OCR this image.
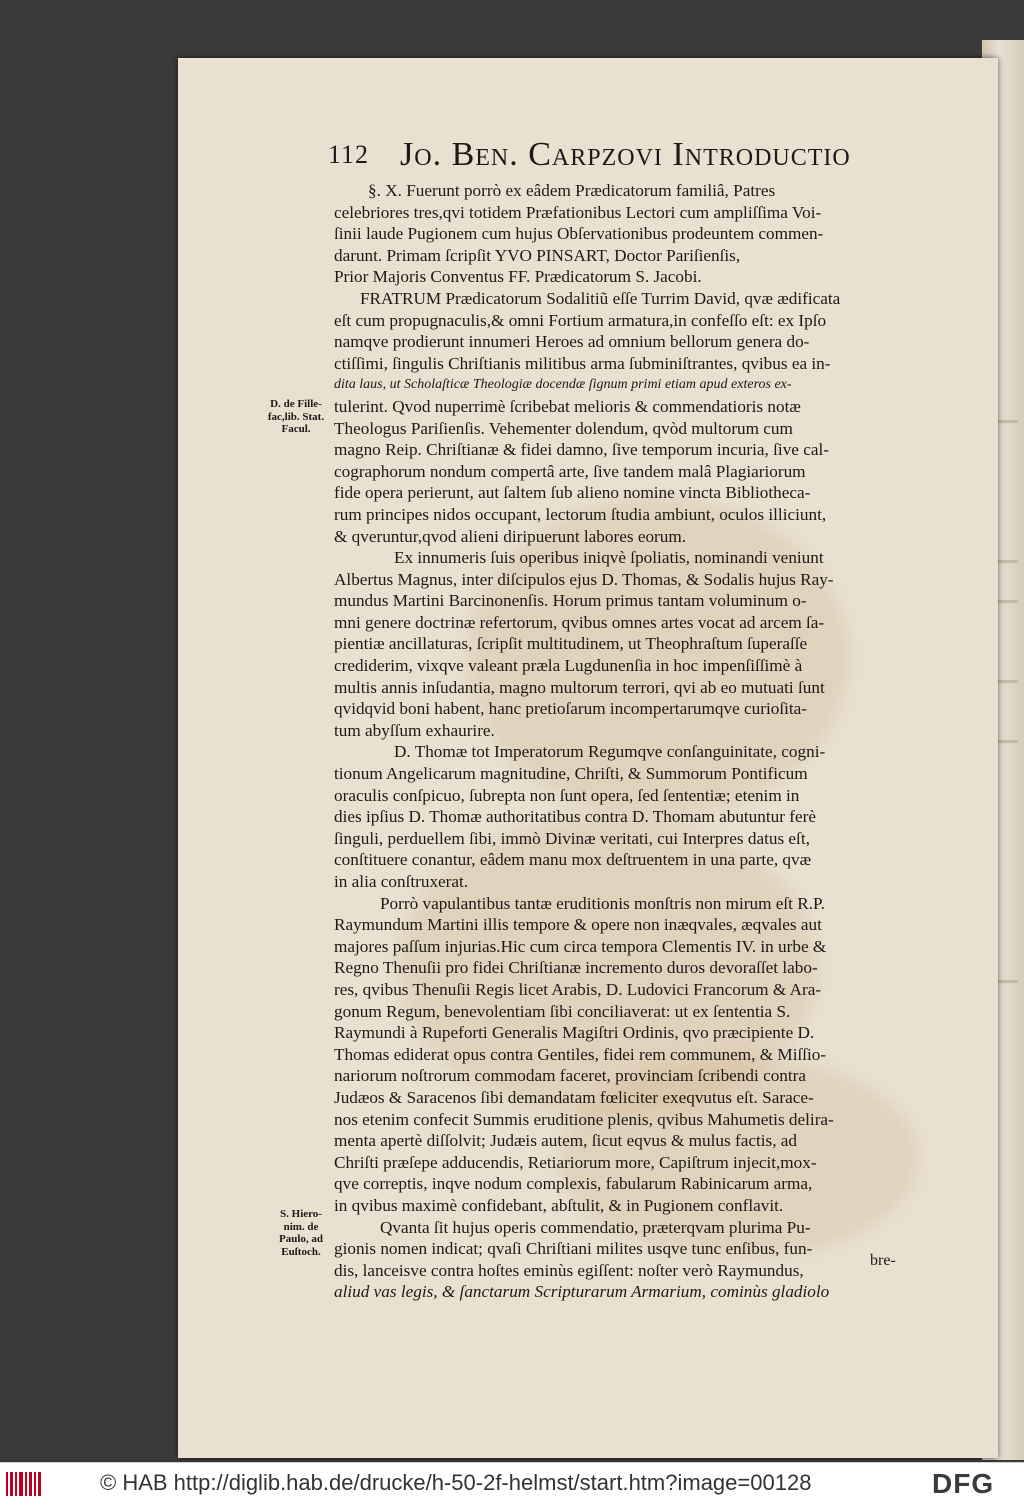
112 Jo. Ben. Carpzovi Introductio
D. de Fille-
fac,lib. Stat.
Facul.
S. Hiero-
nim. de
Paulo, ad
Euſtoch.

§. X. Fuerunt porrò ex eâdem Prædicatorum familiâ, Patres

celebriores tres,qvi totidem Præfationibus Lectori cum ampliſſima Voi-

ſinii laude Pugionem cum hujus Obſervationibus prodeuntem commen-

darunt. Primam ſcripſit YVO PINSART, Doctor Pariſienſis,

Prior Majoris Conventus FF. Prædicatorum S. Jacobi.

FRATRUM Prædicatorum Sodalitiũ eſſe Turrim David, qvæ ædificata

eſt cum propugnaculis,& omni Fortium armatura,in confeſſo eſt: ex Ipſo

namqve prodierunt innumeri Heroes ad omnium bellorum genera do-

ctiſſimi, ſingulis Chriſtianis militibus arma ſubminiſtrantes, qvibus ea in-

dita laus, ut Scholaſticæ Theologiæ docendæ ſignum primi etiam apud exteros ex-

tulerint. Qvod nuperrimè ſcribebat melioris & commendatioris notæ

Theologus Pariſienſis. Vehementer dolendum, qvòd multorum cum

magno Reip. Chriſtianæ & fidei damno, ſive temporum incuria, ſive cal-

cographorum nondum compertâ arte, ſive tandem malâ Plagiariorum

fide opera perierunt, aut ſaltem ſub alieno nomine vincta Bibliotheca-

rum principes nidos occupant, lectorum ſtudia ambiunt, oculos illiciunt,

& qveruntur,qvod alieni diripuerunt labores eorum.

Ex innumeris ſuis operibus iniqvè ſpoliatis, nominandi veniunt

Albertus Magnus, inter diſcipulos ejus D. Thomas, & Sodalis hujus Ray-

mundus Martini Barcinonenſis. Horum primus tantam voluminum o-

mni genere doctrinæ refertorum, qvibus omnes artes vocat ad arcem ſa-

pientiæ ancillaturas, ſcripſit multitudinem, ut Theophraſtum ſuperaſſe

crediderim, vixqve valeant præla Lugdunenſia in hoc impenſiſſimè à

multis annis inſudantia, magno multorum terrori, qvi ab eo mutuati ſunt

qvidqvid boni habent, hanc pretioſarum incompertarumqve curioſita-

tum abyſſum exhaurire.

D. Thomæ tot Imperatorum Regumqve conſanguinitate, cogni-

tionum Angelicarum magnitudine, Chriſti, & Summorum Pontificum

oraculis conſpicuo, ſubrepta non ſunt opera, ſed ſententiæ; etenim in

dies ipſius D. Thomæ authoritatibus contra D. Thomam abutuntur ferè

ſinguli, perduellem ſibi, immò Divinæ veritati, cui Interpres datus eſt,

conſtituere conantur, eâdem manu mox deſtruentem in una parte, qvæ

in alia conſtruxerat.

Porrò vapulantibus tantæ eruditionis monſtris non mirum eſt R.P.

Raymundum Martini illis tempore & opere non inæqvales, æqvales aut

majores paſſum injurias.Hic cum circa tempora Clementis IV. in urbe &

Regno Thenuſii pro fidei Chriſtianæ incremento duros devoraſſet labo-

res, qvibus Thenuſii Regis licet Arabis, D. Ludovici Francorum & Ara-

gonum Regum, benevolentiam ſibi conciliaverat: ut ex ſententia S.

Raymundi à Rupeforti Generalis Magiſtri Ordinis, qvo præcipiente D.

Thomas ediderat opus contra Gentiles, fidei rem communem, & Miſſio-

nariorum noſtrorum commodam faceret, provinciam ſcribendi contra

Judæos & Saracenos ſibi demandatam fœliciter exeqvutus eſt. Sarace-

nos etenim confecit Summis eruditione plenis, qvibus Mahumetis delira-

menta apertè diſſolvit; Judæis autem, ſicut eqvus & mulus factis, ad

Chriſti præſepe adducendis, Retiariorum more, Capiſtrum injecit,mox-

qve correptis, inqve nodum complexis, fabularum Rabinicarum arma,

in qvibus maximè confidebant, abſtulit, & in Pugionem conflavit.

Qvanta ſit hujus operis commendatio, præterqvam plurima Pu-

gionis nomen indicat; qvaſi Chriſtiani milites usqve tunc enſibus, fun-

dis, lanceisve contra hoſtes eminùs egiſſent: noſter verò Raymundus,

aliud vas legis, & ſanctarum Scripturarum Armarium, cominùs gladiolo

bre-
© HAB http://diglib.hab.de/drucke/h-50-2f-helmst/start.htm?image=00128	DFG
